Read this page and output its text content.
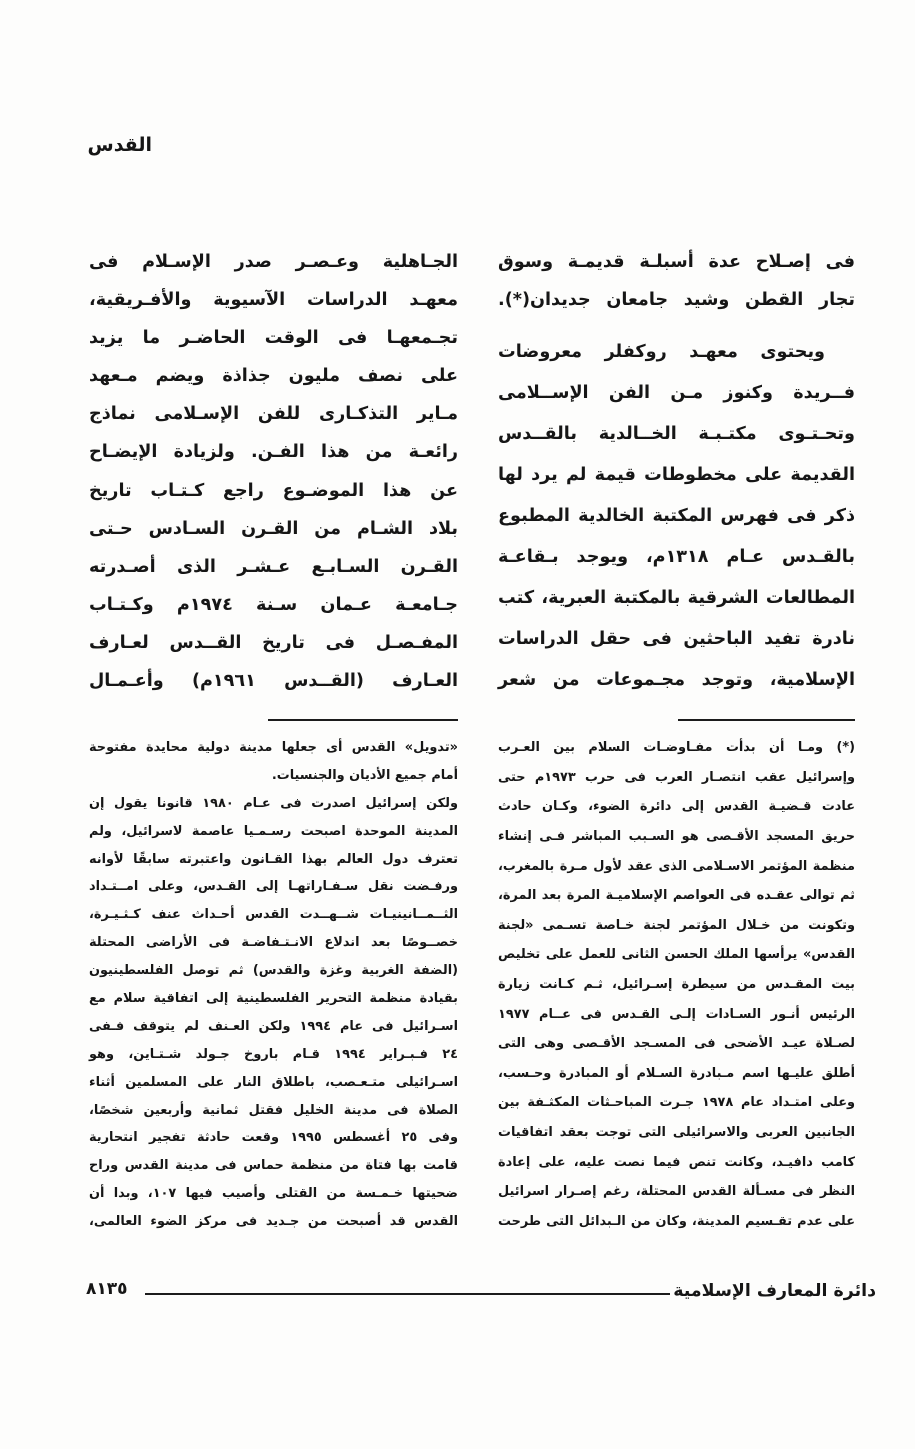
القدس
فى إصـلاح عدة أسبلـة قديمـة وسوق
تجار القطن وشيد جامعان جديدان(*).
ويحتوى معهـد روكفلر معروضات
فــريدة وكنوز مـن الفن الإســلامى
وتحـتـوى مكتـبـة الخــالدية بالقــدس
القديمة على مخطوطات قيمة لم يرد لها
ذكر فى فهرس المكتبة الخالدية المطبوع
بالقـدس عـام ١٣١٨م، ويوجد بـقاعـة
المطالعات الشرقية بالمكتبة العبرية، كتب
نادرة تفيد الباحثين فى حقل الدراسات
الإسلامية، وتوجد مجـموعات من شعر
الجـاهلية وعـصـر صدر الإسـلام فى
معهـد الدراسات الآسيوية والأفـريقية،
تجـمعهـا فى الوقت الحاضـر ما يزيد
على نصف مليون جذاذة ويضم مـعهد
مـاير التذكـارى للفن الإسـلامى نماذج
رائعـة من هذا الفـن. ولزيادة الإيضـاح
عن هذا الموضـوع راجع كـتـاب تاريخ
بلاد الشـام من القـرن السـادس حـتى
القـرن السـابـع عـشـر الذى أصـدرته
جـامعـة عـمان سـنة ١٩٧٤م وكـتـاب
المفـصـل فى تاريخ القــدس لعـارف
العـارف (القــدس ١٩٦١م) وأعـمـال
(*) ومـا أن بدأت مفـاوضـات السلام بين العـرب
وإسرائيل عقب انتصـار العرب فى حرب ١٩٧٣م حتى
عادت قـضيـة القدس إلى دائرة الضوء، وكـان حادث
حريق المسجد الأقـصى هو السـبب المباشر فـى إنشاء
منظمة المؤتمر الاسـلامى الذى عقد لأول مـرة بالمغرب،
ثم توالى عقـده فى العواصم الإسلاميـة المرة بعد المرة،
وتكونت من خـلال المؤتمر لجنة خـاصة تسـمى «لجنة
القدس» يرأسها الملك الحسن الثانى للعمل على تخليص
بيت المقـدس من سيطرة إسـرائيل، ثـم كـانت زيارة
الرئيس أنـور السـادات إلـى القـدس فى عــام ١٩٧٧
لصـلاة عيـد الأضحى فى المسـجد الأقـصى وهى التى
أطلق عليـها اسم مـبادرة السـلام أو المبادرة وحـسب،
وعلى امتـداد عام ١٩٧٨ جـرت المباحـثات المكثـفة بين
الجانبين العربى والاسرائيلى التى توجت بعقد اتفاقيات
كامب دافيـد، وكانت تنص فيما نصت عليه، على إعادة
النظر فى مسـألة القدس المحتلة، رغم إصـرار اسرائيل
على عدم تقـسيم المدينة، وكان من الـبدائل التى طرحت
«تدويل» القدس أى جعلها مدينة دولية محايدة مفتوحة
أمام جميع الأديان والجنسيات.
ولكن إسرائيل اصدرت فى عـام ١٩٨٠ قانونا يقول إن
المدينة الموحدة اصبحت رسـمـيا عاصمة لاسرائيل، ولم
تعترف دول العالم بهذا القـانون واعتبرته سابقًا لأوانه
ورفـضت نقل سـفـاراتهـا إلى القـدس، وعلى امــتـداد
الثــمــانينيـات شــهــدت القدس أحـداث عنف كـثـيـرة،
خصــوصًا بعد اندلاع الانـتـفاضـة فى الأراضى المحتلة
(الضفة الغربية وغزة والقدس) ثم توصل الفلسطينيون
بقيادة منظمة التحرير الفلسطينية إلى اتفاقية سلام مع
اسـرائيل فى عام ١٩٩٤ ولكن العـنف لم يتوقف فـفى
٢٤ فـبـراير ١٩٩٤ قـام باروخ جـولد شـتـاين، وهو
اسـرائيلى متـعـصب، باطلاق النار على المسلمين أثناء
الصلاة فى مدينة الخليل فقتل ثمانية وأربعين شخصًا،
وفى ٢٥ أغسطس ١٩٩٥ وقعت حادثة تفجير انتحارية
قامت بها فتاة من منظمة حماس فى مدينة القدس وراح
ضحيتها خـمـسة من القتلى وأصيب فيها ١٠٧، وبدا أن
القدس قد أصبحت من جـديد فى مركز الضوء العالمى،
دائرة المعارف الإسلامية
٨١٣٥
